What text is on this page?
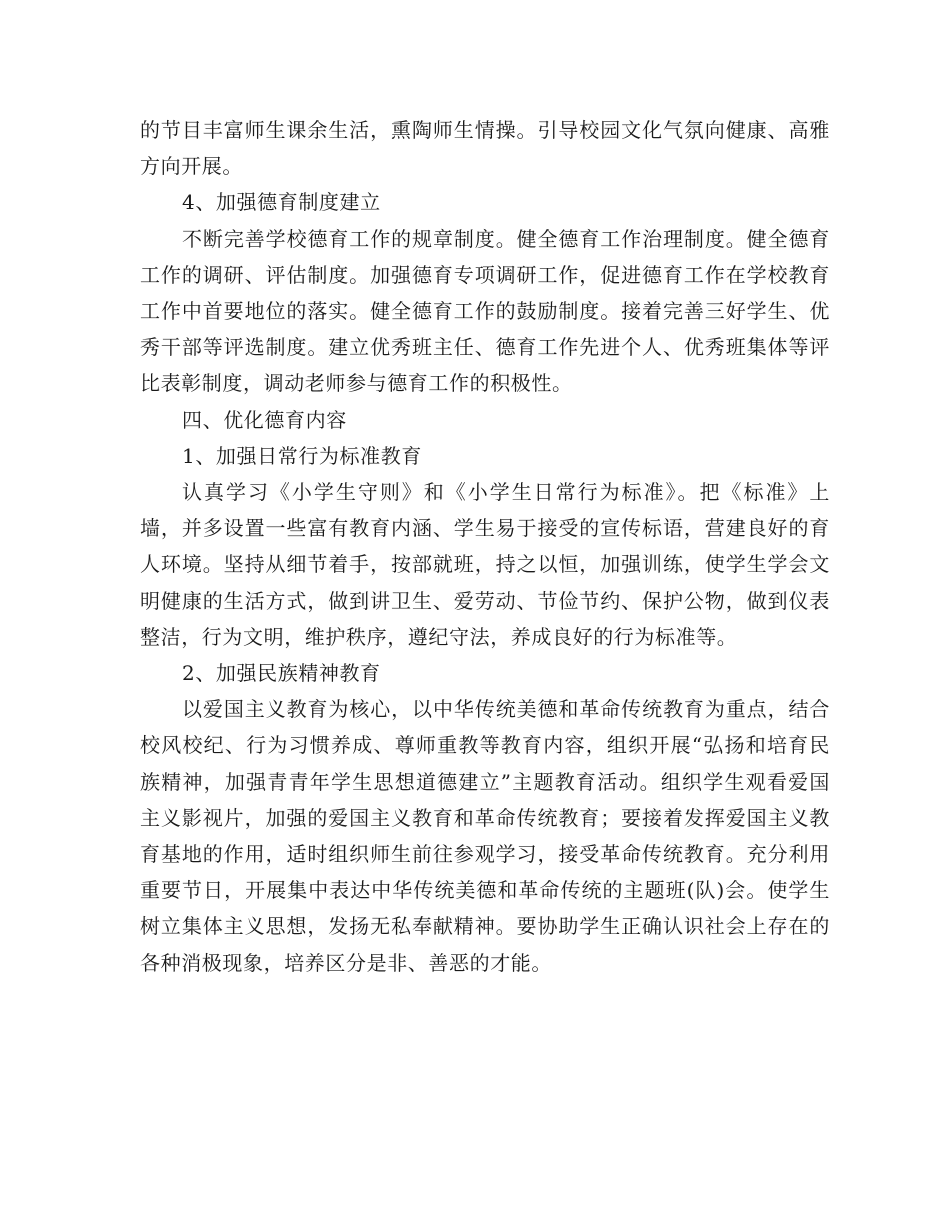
的节目丰富师生课余生活，熏陶师生情操。引导校园文化气氛向健康、高雅方向开展。

4、加强德育制度建立

不断完善学校德育工作的规章制度。健全德育工作治理制度。健全德育工作的调研、评估制度。加强德育专项调研工作，促进德育工作在学校教育工作中首要地位的落实。健全德育工作的鼓励制度。接着完善三好学生、优秀干部等评选制度。建立优秀班主任、德育工作先进个人、优秀班集体等评比表彰制度，调动老师参与德育工作的积极性。

四、优化德育内容

1、加强日常行为标准教育

认真学习《小学生守则》和《小学生日常行为标准》。把《标准》上墙，并多设置一些富有教育内涵、学生易于接受的宣传标语，营建良好的育人环境。坚持从细节着手，按部就班，持之以恒，加强训练，使学生学会文明健康的生活方式，做到讲卫生、爱劳动、节俭节约、保护公物，做到仪表整洁，行为文明，维护秩序，遵纪守法，养成良好的行为标准等。

2、加强民族精神教育

以爱国主义教育为核心，以中华传统美德和革命传统教育为重点，结合校风校纪、行为习惯养成、尊师重教等教育内容，组织开展“弘扬和培育民族精神，加强青青年学生思想道德建立”主题教育活动。组织学生观看爱国主义影视片，加强的爱国主义教育和革命传统教育；要接着发挥爱国主义教育基地的作用，适时组织师生前往参观学习，接受革命传统教育。充分利用重要节日，开展集中表达中华传统美德和革命传统的主题班(队)会。使学生树立集体主义思想，发扬无私奉献精神。要协助学生正确认识社会上存在的各种消极现象，培养区分是非、善恶的才能。
